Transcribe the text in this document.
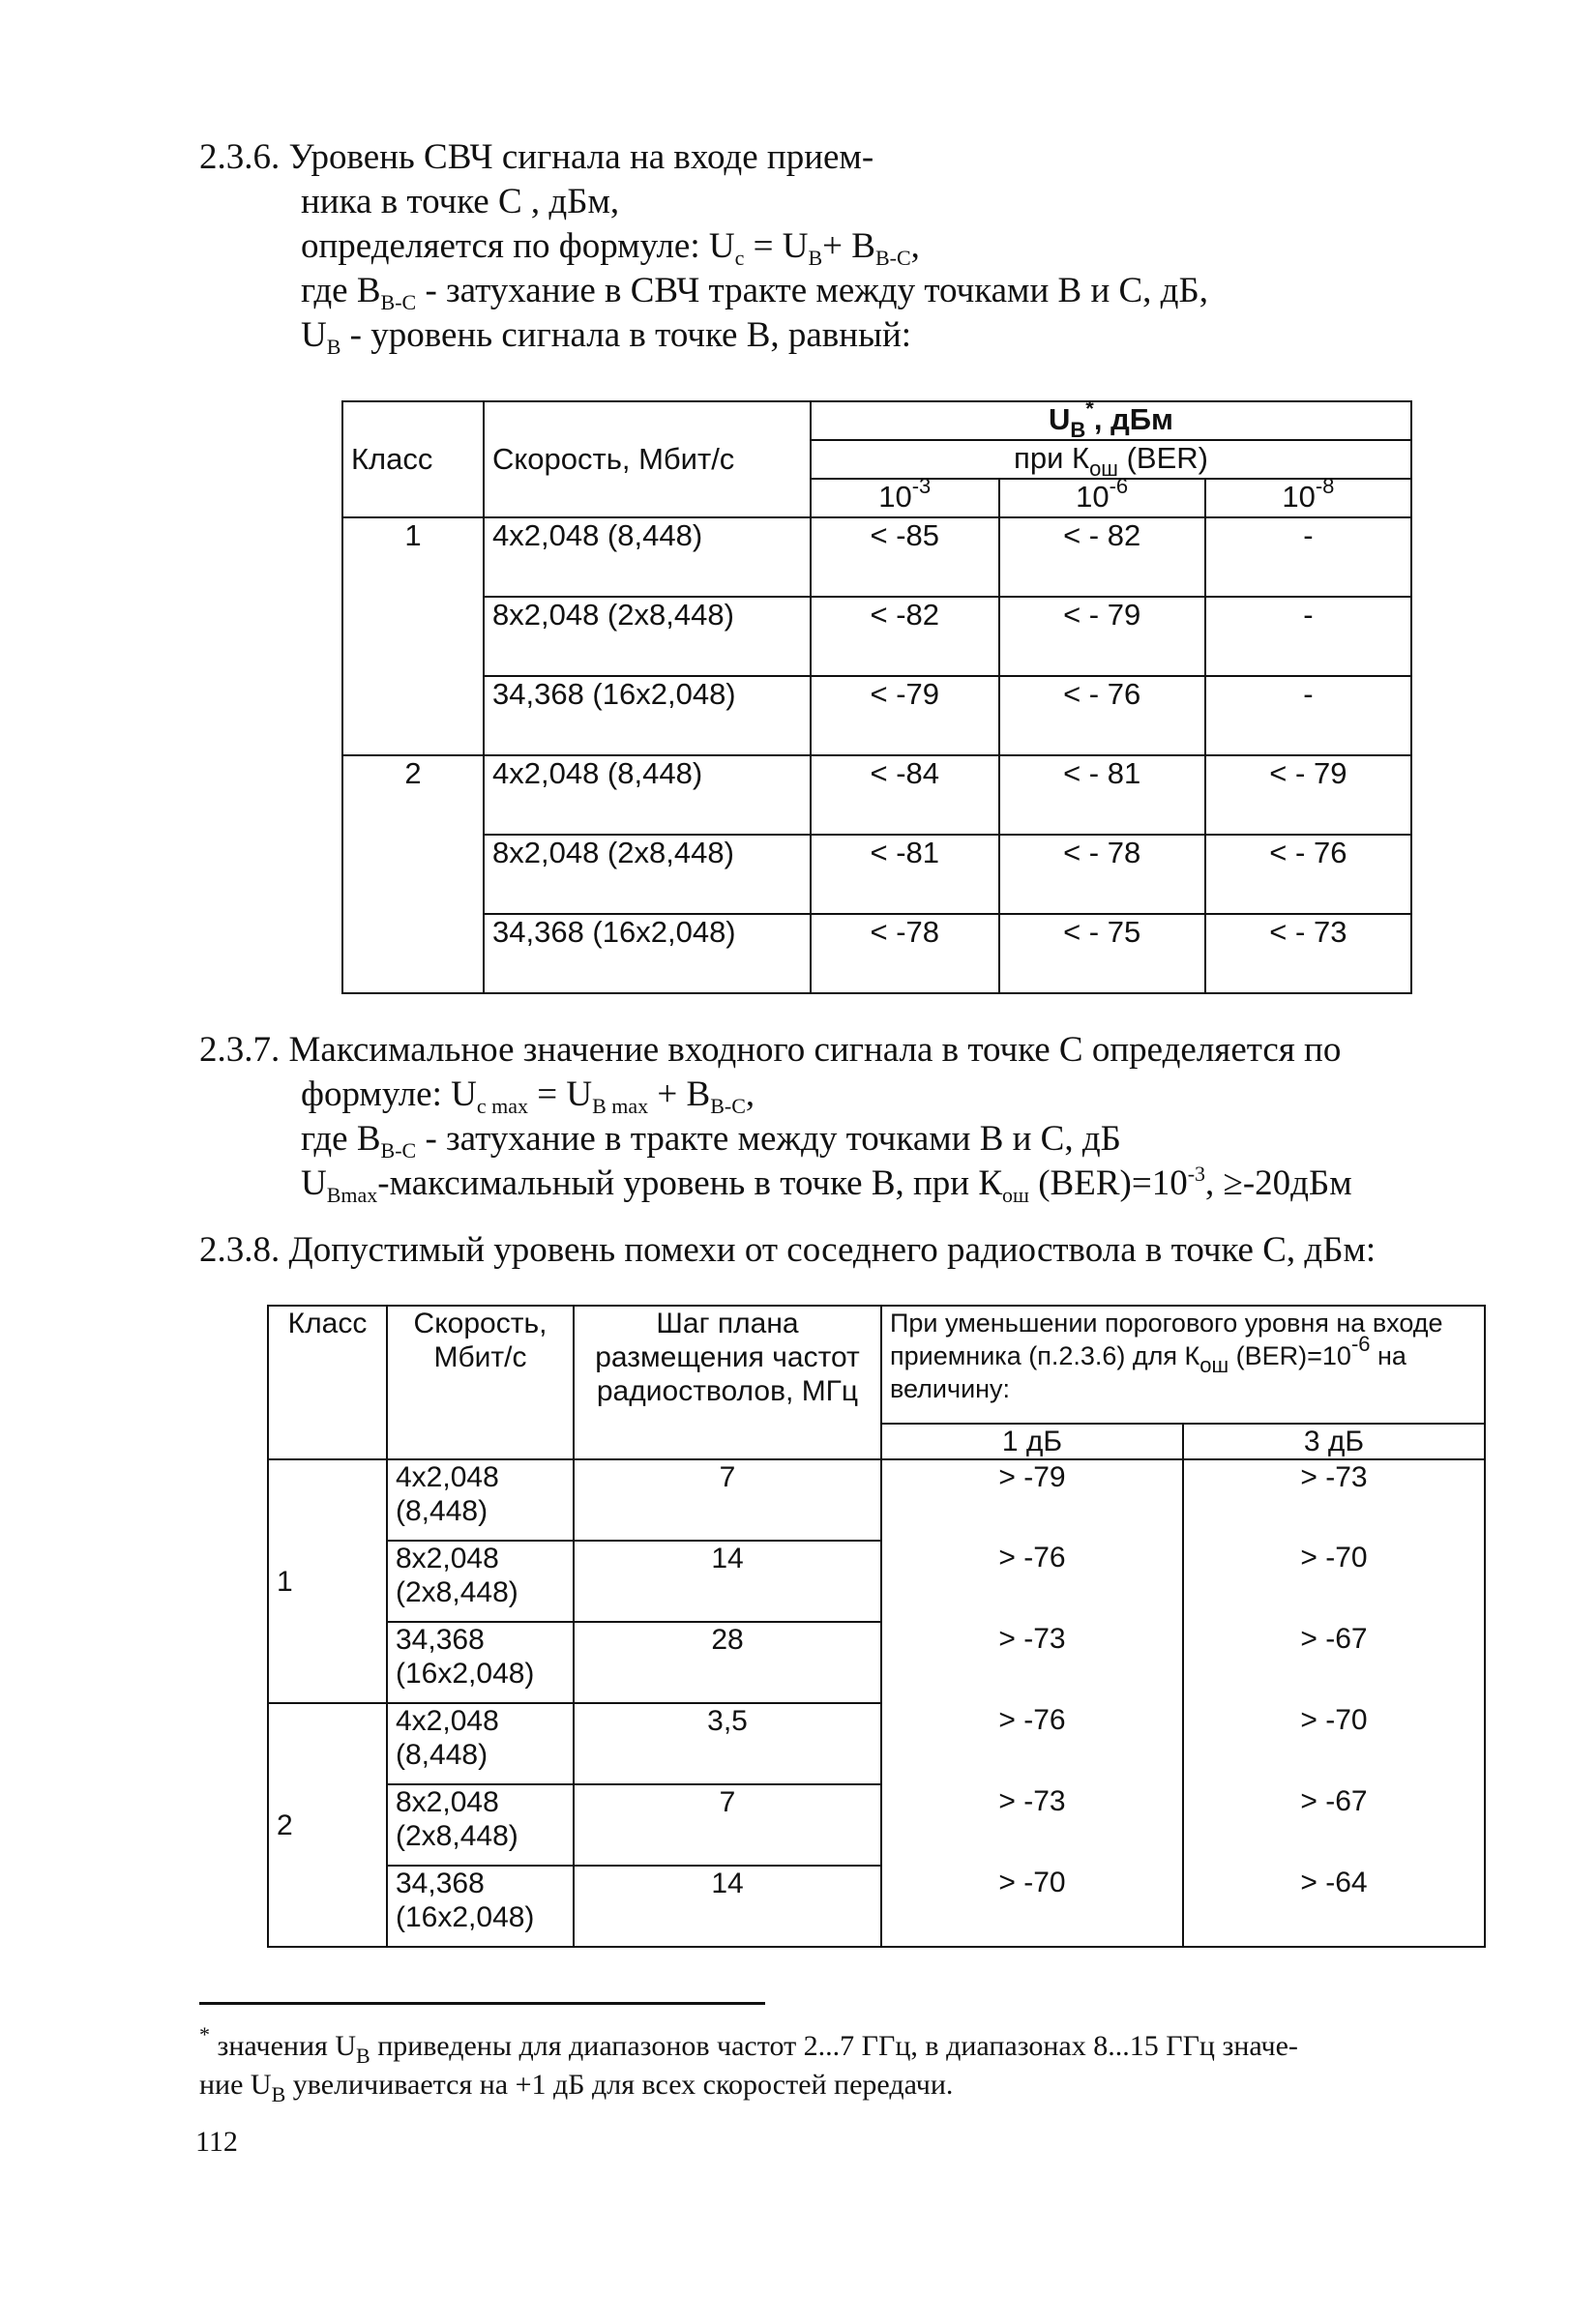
2.3.6. Уровень СВЧ сигнала на входе прием-
ника в точке С , дБм,
определяется по формуле: $U_c = U_B+ B_{B-C}$,
где $B_{B-C}$ - затухание в СВЧ тракте между точками B и С, дБ,
$U_B$ - уровень сигнала в точке B, равный:
Класс	Скорость, Мбит/с	$U_B^*$, дБм		
		при $К_{ош}$ (BER)		
		$10^{-3}$	$10^{-6}$	$10^{-8}$
1	4х2,048 (8,448)	< -85	< - 82	-
	8х2,048 (2х8,448)	< -82	< - 79	-
	34,368 (16х2,048)	< -79	< - 76	-
2	4х2,048 (8,448)	< -84	< - 81	< - 79
	8х2,048 (2х8,448)	< -81	< - 78	< - 76
	34,368 (16х2,048)	< -78	< - 75	< - 73
2.3.7. Максимальное значение входного сигнала в точке С определяется по
формуле: $U_{c max} = U_{B max} + B_{B-C}$,
где $B_{B-C}$ - затухание в тракте между точками B и С, дБ
$U_{Bmax}$-максимальный уровень в точке B, при $К_{ош}$ $(BER)=10^{-3}$, ≥-20дБм
2.3.8. Допустимый уровень помехи от соседнего радиоствола в точке С, дБм:
Класс	Скорость, Мбит/с	Шаг плана размещения частот радиостволов, МГц	При уменьшении порогового уровня на входе приемника (п.2.3.6) для $К_{ош}$ $(BER)=10^{-6}$ на величину:	
			1 дБ	3 дБ
1	4х2,048 (8,448)	7	> -79	> -73
	8х2,048 (2х8,448)	14	> -76	> -70
	34,368 (16х2,048)	28	> -73	> -67
2	4х2,048 (8,448)	3,5	> -76	> -70
	8х2,048 (2х8,448)	7	> -73	> -67
	34,368 (16х2,048)	14	> -70	> -64
* значения $U_B$ приведены для диапазонов частот 2...7 ГГц, в диапазонах 8...15 ГГц значе-
ние $U_B$ увеличивается на +1 дБ для всех скоростей передачи.
112
